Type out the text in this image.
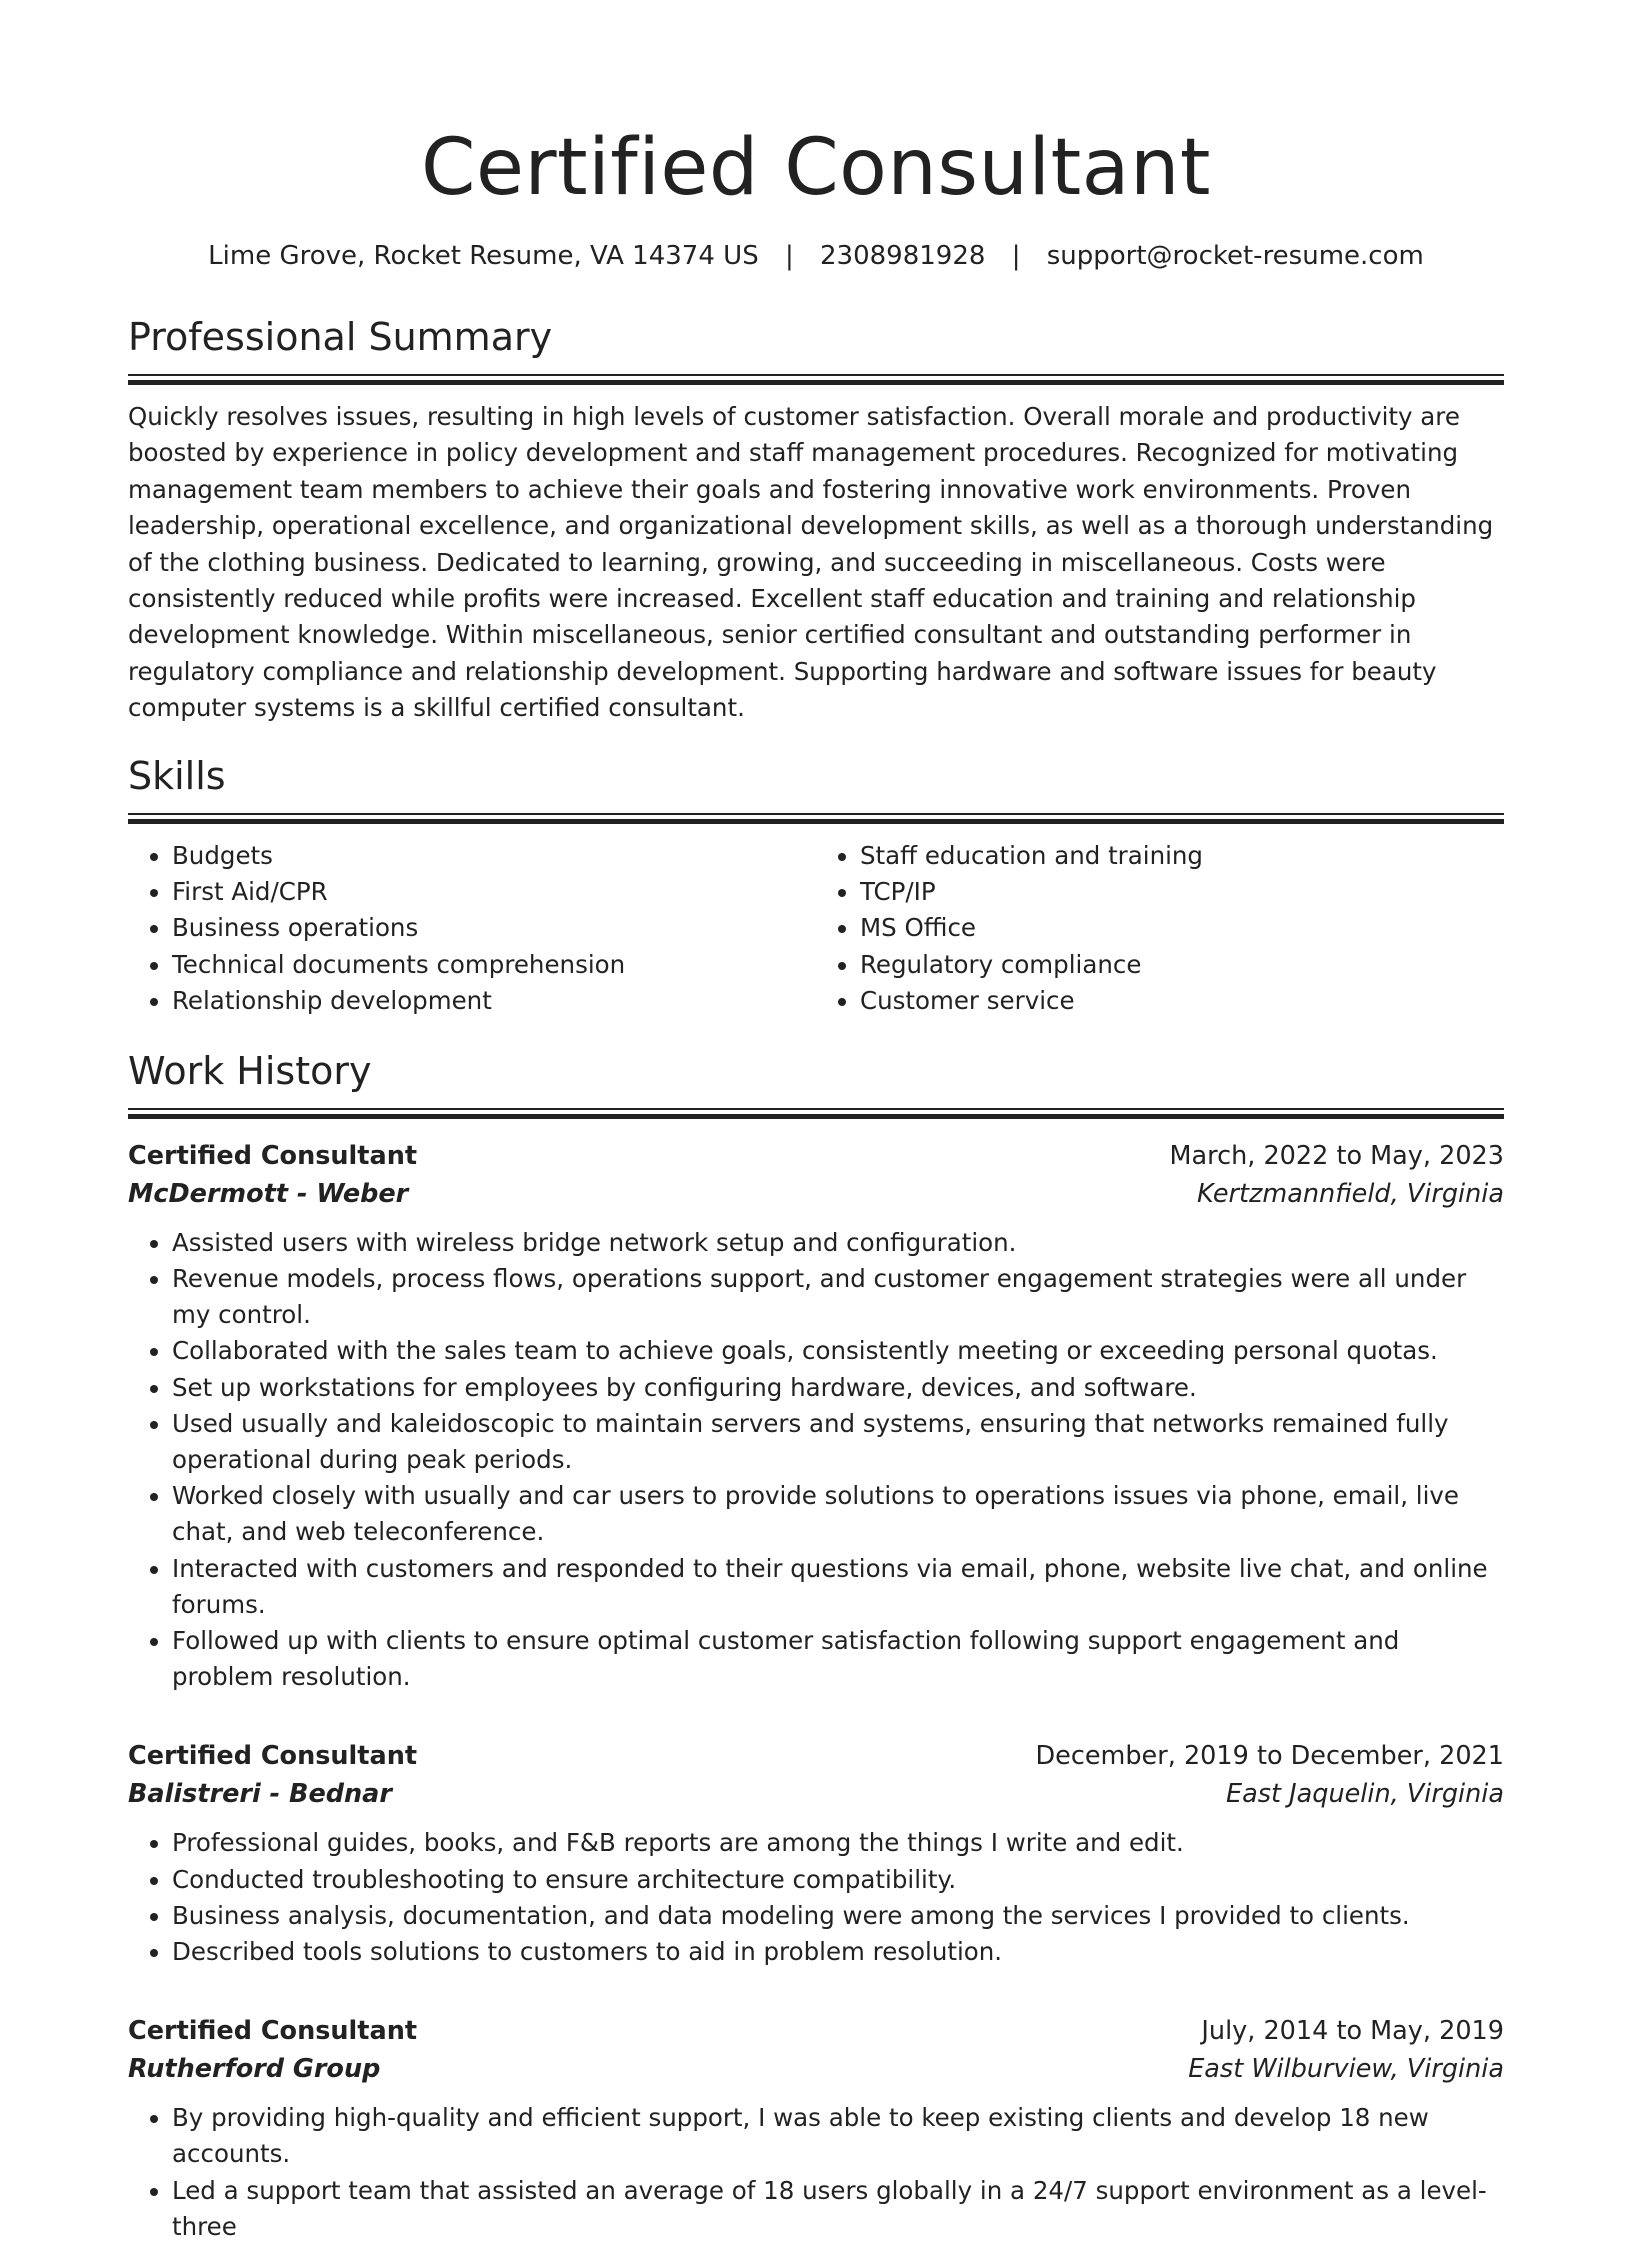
Certified Consultant
Lime Grove, Rocket Resume, VA 14374 US | 2308981928 | support@rocket-resume.com
Professional Summary

Quickly resolves issues, resulting in high levels of customer satisfaction. Overall morale and productivity are boosted by experience in policy development and staff management procedures. Recognized for motivating management team members to achieve their goals and fostering innovative work environments. Proven leadership, operational excellence, and organizational development skills, as well as a thorough understanding of the clothing business. Dedicated to learning, growing, and succeeding in miscellaneous. Costs were consistently reduced while profits were increased. Excellent staff education and training and relationship development knowledge. Within miscellaneous, senior certified consultant and outstanding performer in regulatory compliance and relationship development. Supporting hardware and software issues for beauty computer systems is a skillful certified consultant.

Skills
• Budgets
• First Aid/CPR
• Business operations
• Technical documents comprehension
• Relationship development
• Staff education and training
• TCP/IP
• MS Office
• Regulatory compliance
• Customer service
Work History
Certified Consultant	March, 2022 to May, 2023
McDermott - Weber	Kertzmannfield, Virginia
• Assisted users with wireless bridge network setup and configuration.
• Revenue models, process flows, operations support, and customer engagement strategies were all under my control.
• Collaborated with the sales team to achieve goals, consistently meeting or exceeding personal quotas.
• Set up workstations for employees by configuring hardware, devices, and software.
• Used usually and kaleidoscopic to maintain servers and systems, ensuring that networks remained fully operational during peak periods.
• Worked closely with usually and car users to provide solutions to operations issues via phone, email, live chat, and web teleconference.
• Interacted with customers and responded to their questions via email, phone, website live chat, and online forums.
• Followed up with clients to ensure optimal customer satisfaction following support engagement and problem resolution.
Certified Consultant	December, 2019 to December, 2021
Balistreri - Bednar	East Jaquelin, Virginia
• Professional guides, books, and F&B reports are among the things I write and edit.
• Conducted troubleshooting to ensure architecture compatibility.
• Business analysis, documentation, and data modeling were among the services I provided to clients.
• Described tools solutions to customers to aid in problem resolution.
Certified Consultant	July, 2014 to May, 2019
Rutherford Group	East Wilburview, Virginia
• By providing high-quality and efficient support, I was able to keep existing clients and develop 18 new accounts.
• Led a support team that assisted an average of 18 users globally in a 24/7 support environment as a level-three
